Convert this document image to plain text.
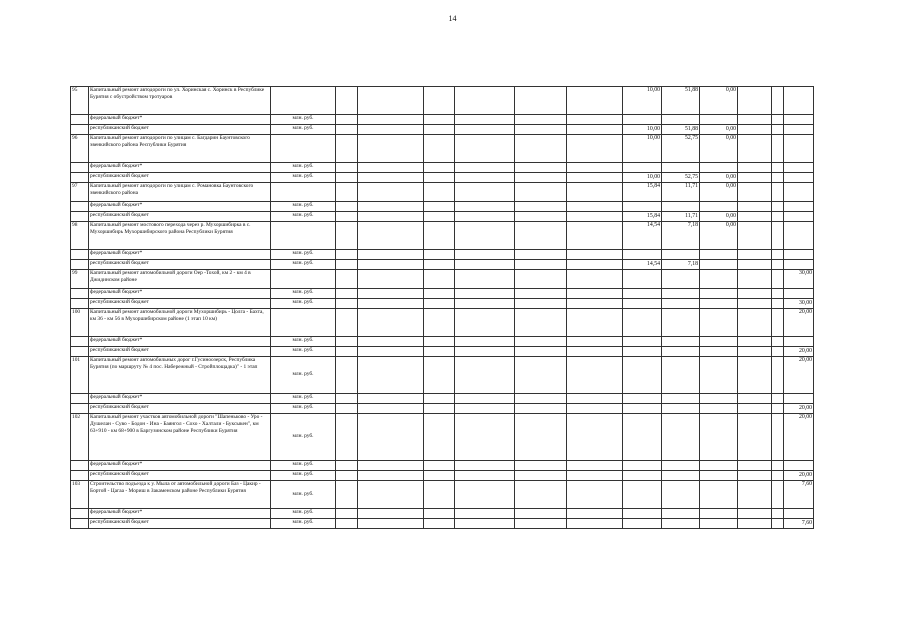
14
95	Капитальный ремонт автодороги по ул. Хоринская с. Хоринск в Республике Бурятия с обустройством тротуаров								10,00	51,88	0,00			
	федеральный бюджет*	млн. руб.												
	республиканский бюджет	млн. руб.							10,00	51,88	0,00			
96	Капитальный ремонт автодороги по улицам с. Багдарин Баунтовского эвенкийского района Республики Бурятия								10,00	52,75	0,00			
	федеральный бюджет*	млн. руб.												
	республиканский бюджет	млн. руб.							10,00	52,75	0,00			
97	Капитальный ремонт автодороги по улицам с. Романовка Баунтовского эвенкийского района								15,84	11,71	0,00			
	федеральный бюджет*	млн. руб.												
	республиканский бюджет	млн. руб.							15,84	11,71	0,00			
98	Капитальный ремонт мостового перехода через р. Мухоршибирка в с. Мухоршибирь Мухоршибирского района Республики Бурятия								14,54	7,18	0,00			
	федеральный бюджет*	млн. руб.												
	республиканский бюджет	млн. руб.							14,54	7,18				
99	Капитальный ремонт автомобильной дороги Оер -Тохой, км 2 - км 4 в Джидинском районе													30,00
	федеральный бюджет*	млн. руб.												
	республиканский бюджет	млн. руб.												30,00
100	Капитальный ремонт автомобильной дороги Мухоршибирь - Цолга - Бахта, км 36 - км 56 в Мухоршибирском районе (1 этап 10 км)													20,00
	федеральный бюджет*	млн. руб.												
	республиканский бюджет	млн. руб.												20,00
101	Капитальный ремонт автомобильных дорог г.Гусиноозерск, Республика Бурятия (по маршруту № 4 пос. Набережный - Стройплощадка)" - 1 этап	млн. руб.												20,00
	федеральный бюджет*	млн. руб.												
	республиканский бюджет	млн. руб.												20,00
102	Капитальный ремонт участков автомобильной дороги "Шапеньково - Уро - Душелан - Суво - Бодон - Ина - Баянгол - Сохо - Халтали - Буксыкен", км 63+910 - км 68+900 в Баргузинском районе Республики Бурятия	млн. руб.												20,00
	федеральный бюджет*	млн. руб.												
	республиканский бюджет	млн. руб.												20,00
103	Строительство подъезда к у. Мыла от автомобильной дороги Баз - Цакир - Бортой - Цагаа - Мориш в Закаменском районе Республики Бурятия	млн. руб.												7,60
	федеральный бюджет*	млн. руб.												
	республиканский бюджет	млн. руб.												7,60
